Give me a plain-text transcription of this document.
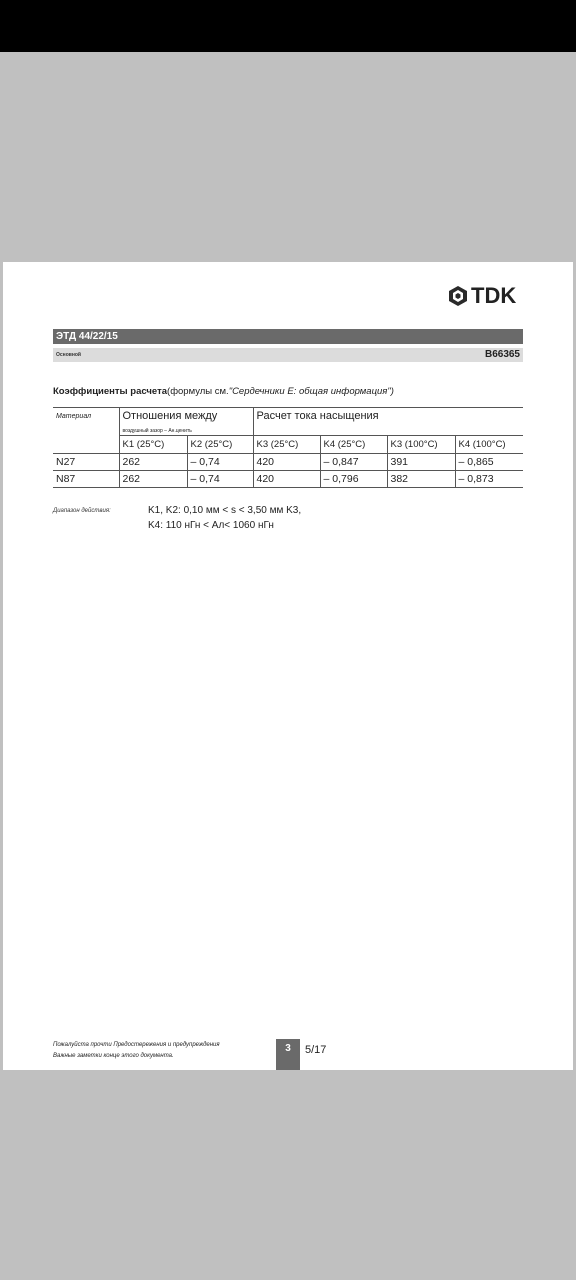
TDK
ЭТД 44/22/15
Основной	B66365
Коэффициенты расчета(формулы см."Сердечники Е: общая информация")
Материал	Отношения между
воздушный зазор – Ан.ценить		Расчет тока насыщения			

	K1 (25°C)	K2 (25°C)	K3 (25°C)	K4 (25°C)	K3 (100°C)	K4 (100°C)
N27	262	– 0,74	420	– 0,847	391	– 0,865
N87	262	– 0,74	420	– 0,796	382	– 0,873
Диапазон действия:	K1, K2: 0,10 мм < s < 3,50 мм K3,
K4: 110 нГн < Aл< 1060 нГн
Пожалуйста прочти Предостережения и предупреждения
Важные заметки конце этого документа.
3	5/17
